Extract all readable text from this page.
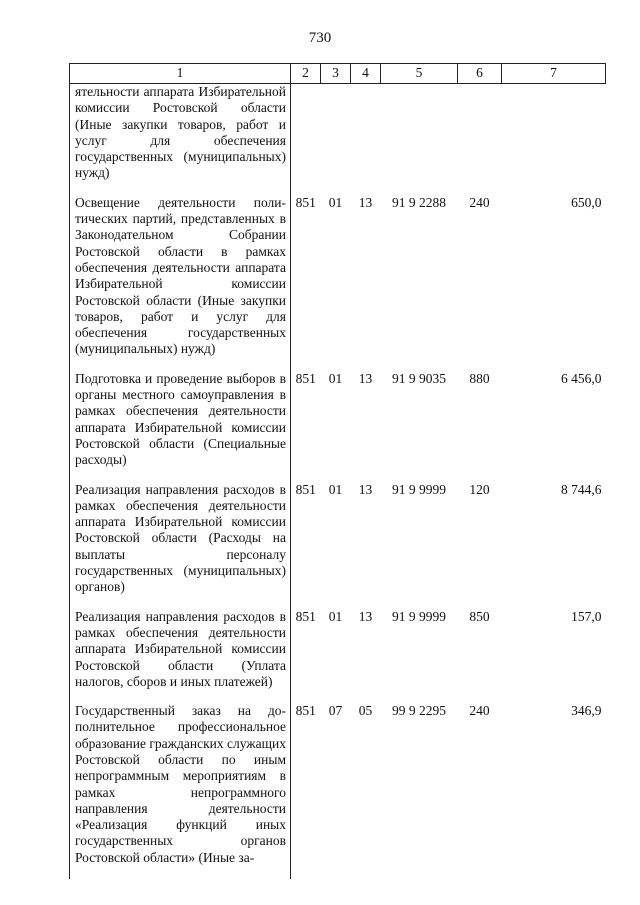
730
1	2	3	4	5	6	7
ятельности аппарата Избирательной комиссии Ростовской области (Иные закупки товаров, работ и услуг для обеспечения государственных (муниципальных) нужд)						
Освещение деятельности политических партий, представленных в Законодательном Собрании Ростовской области в рамках обеспечения деятельности аппарата Избирательной комиссии Ростовской области (Иные закупки товаров, работ и услуг для обеспечения государственных (муниципальных) нужд)	851	01	13	91 9 2288	240	650,0
Подготовка и проведение выборов в органы местного самоуправления в рамках обеспечения деятельности аппарата Избирательной комиссии Ростовской области (Специальные расходы)	851	01	13	91 9 9035	880	6 456,0
Реализация направления расходов в рамках обеспечения деятельности аппарата Избирательной комиссии Ростовской области (Расходы на выплаты персоналу государственных (муниципальных) органов)	851	01	13	91 9 9999	120	8 744,6
Реализация направления расходов в рамках обеспечения деятельности аппарата Избирательной комиссии Ростовской области (Уплата налогов, сборов и иных платежей)	851	01	13	91 9 9999	850	157,0
Государственный заказ на дополнительное профессиональное образование гражданских служащих Ростовской области по иным непрограммным мероприятиям в рамках непрограммного направления деятельности «Реализация функций иных государственных органов Ростовской области» (Иные за-	851	07	05	99 9 2295	240	346,9
